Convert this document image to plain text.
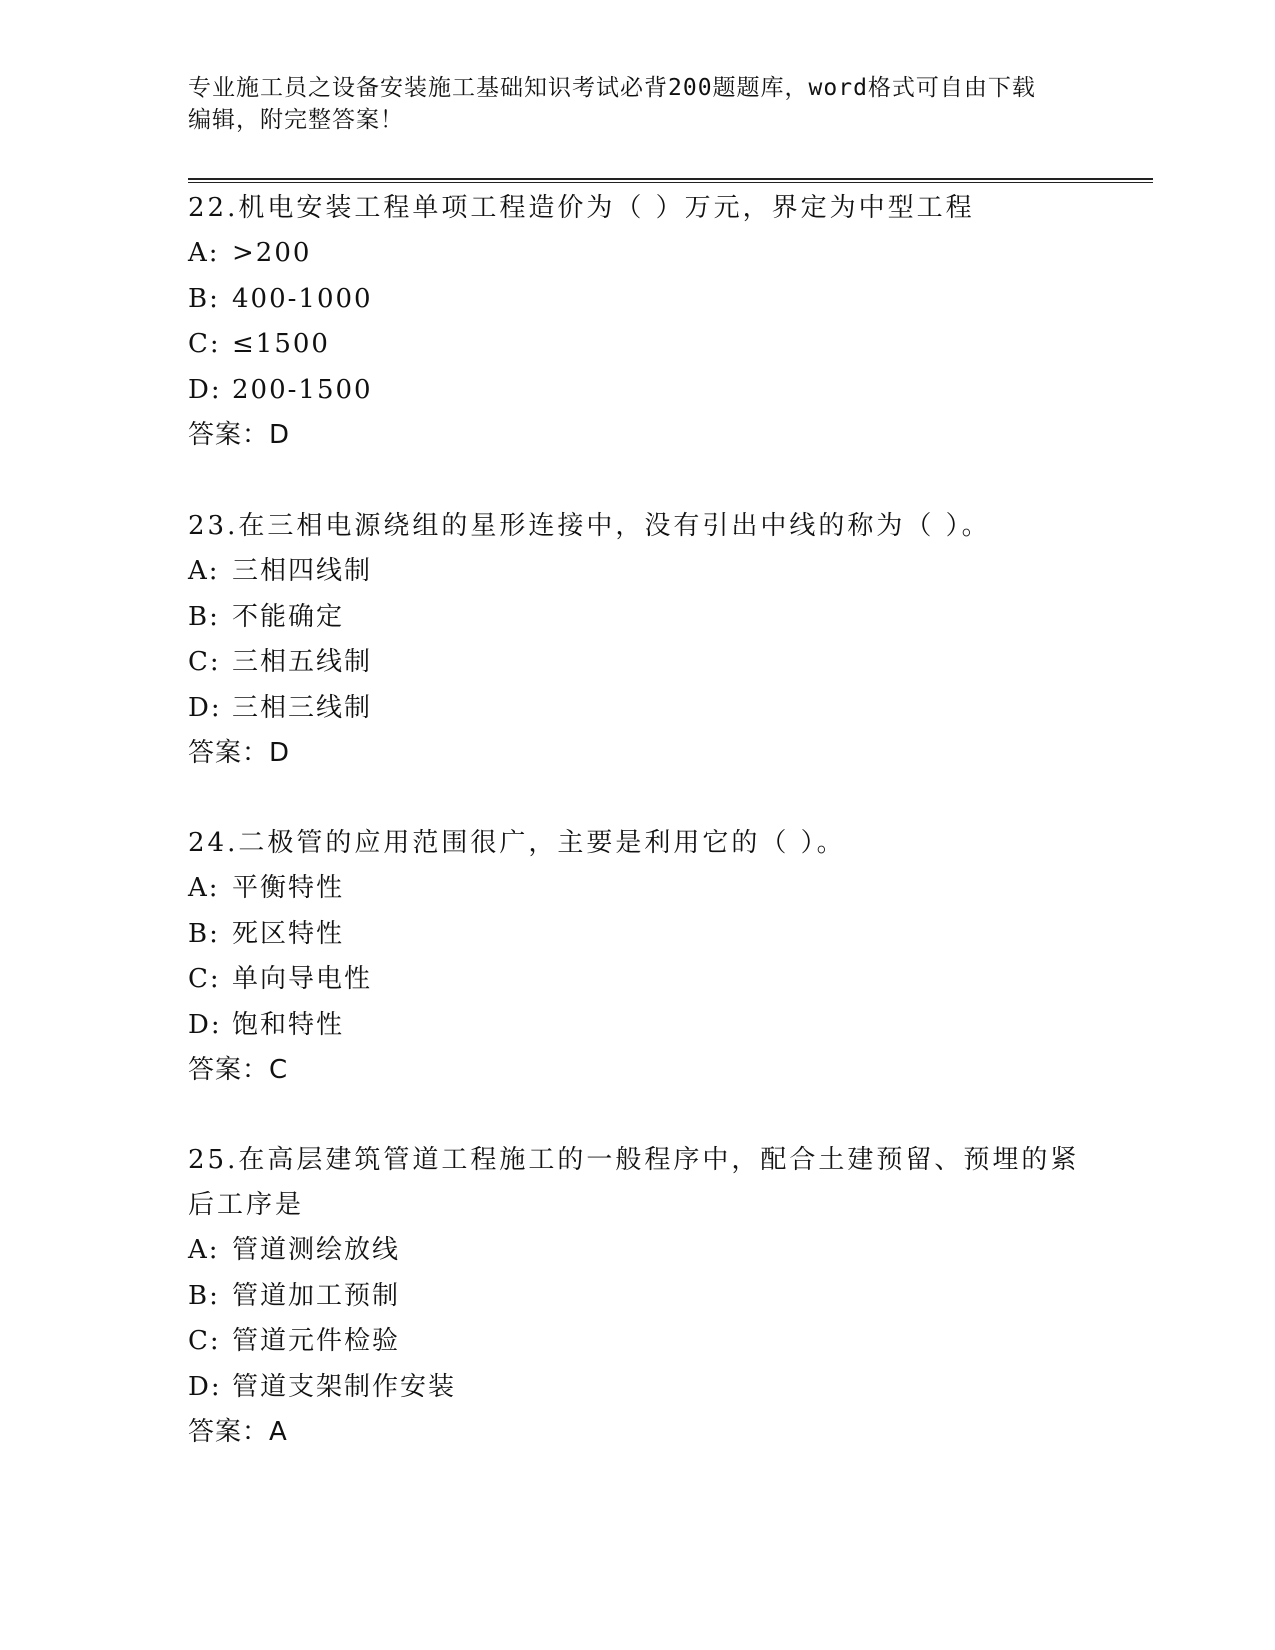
专业施工员之设备安装施工基础知识考试必背200题题库，word格式可自由下载
编辑，附完整答案！

22.机电安装工程单项工程造价为（ ）万元，界定为中型工程

A: >200

B: 400-1000

C: ≤1500

D: 200-1500

答案：D

23.在三相电源绕组的星形连接中，没有引出中线的称为（ ）。

A: 三相四线制

B: 不能确定

C: 三相五线制

D: 三相三线制

答案：D

24.二极管的应用范围很广，主要是利用它的（ ）。

A: 平衡特性

B: 死区特性

C: 单向导电性

D: 饱和特性

答案：C

25.在高层建筑管道工程施工的一般程序中，配合土建预留、预埋的紧后工序是

A: 管道测绘放线

B: 管道加工预制

C: 管道元件检验

D: 管道支架制作安装

答案：A
